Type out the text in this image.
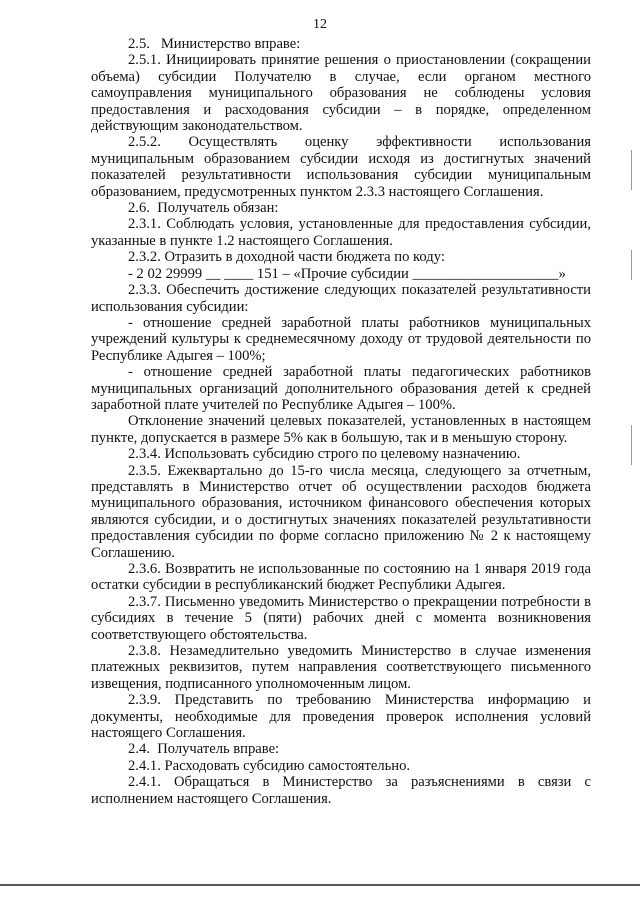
12

2.5.   Министерство вправе:

2.5.1. Инициировать принятие решения о приостановлении (сокращении объема) субсидии Получателю в случае, если органом местного самоуправления муниципального образования не соблюдены условия предоставления и расходования субсидии – в порядке, определенном действующим законодательством.

2.5.2. Осуществлять оценку эффективности использования муниципальным образованием субсидии исходя из достигнутых значений показателей результативности использования субсидии муниципальным образованием, предусмотренных пунктом 2.3.3 настоящего Соглашения.

2.6.  Получатель обязан:

2.3.1. Соблюдать условия, установленные для предоставления субсидии, указанные в пункте 1.2 настоящего Соглашения.

2.3.2. Отразить в доходной части бюджета по коду:

- 2 02 29999 __ ____ 151 – «Прочие субсидии ____________________»

2.3.3. Обеспечить достижение следующих показателей результативности использования субсидии:

- отношение средней заработной платы работников муниципальных учреждений культуры к среднемесячному доходу от трудовой деятельности по Республике Адыгея – 100%;

- отношение средней заработной платы педагогических работников муниципальных организаций дополнительного образования детей к средней заработной плате учителей по Республике Адыгея – 100%.

Отклонение значений целевых показателей, установленных в настоящем пункте, допускается в размере 5% как в большую, так и в меньшую сторону.

2.3.4. Использовать субсидию строго по целевому назначению.

2.3.5. Ежеквартально до 15-го числа месяца, следующего за отчетным, представлять в Министерство отчет об осуществлении расходов бюджета муниципального образования, источником финансового обеспечения которых являются субсидии, и о достигнутых значениях показателей результативности предоставления субсидии по форме согласно приложению № 2 к настоящему Соглашению.

2.3.6. Возвратить не использованные по состоянию на 1 января 2019 года остатки субсидии в республиканский бюджет Республики Адыгея.

2.3.7. Письменно уведомить Министерство о прекращении потребности в субсидиях в течение 5 (пяти) рабочих дней с момента возникновения соответствующего обстоятельства.

2.3.8. Незамедлительно уведомить Министерство в случае изменения платежных реквизитов, путем направления соответствующего письменного извещения, подписанного уполномоченным лицом.

2.3.9. Представить по требованию Министерства информацию и документы, необходимые для проведения проверок исполнения условий настоящего Соглашения.

2.4.  Получатель вправе:

2.4.1. Расходовать субсидию самостоятельно.

2.4.1. Обращаться в Министерство за разъяснениями в связи с исполнением настоящего Соглашения.
